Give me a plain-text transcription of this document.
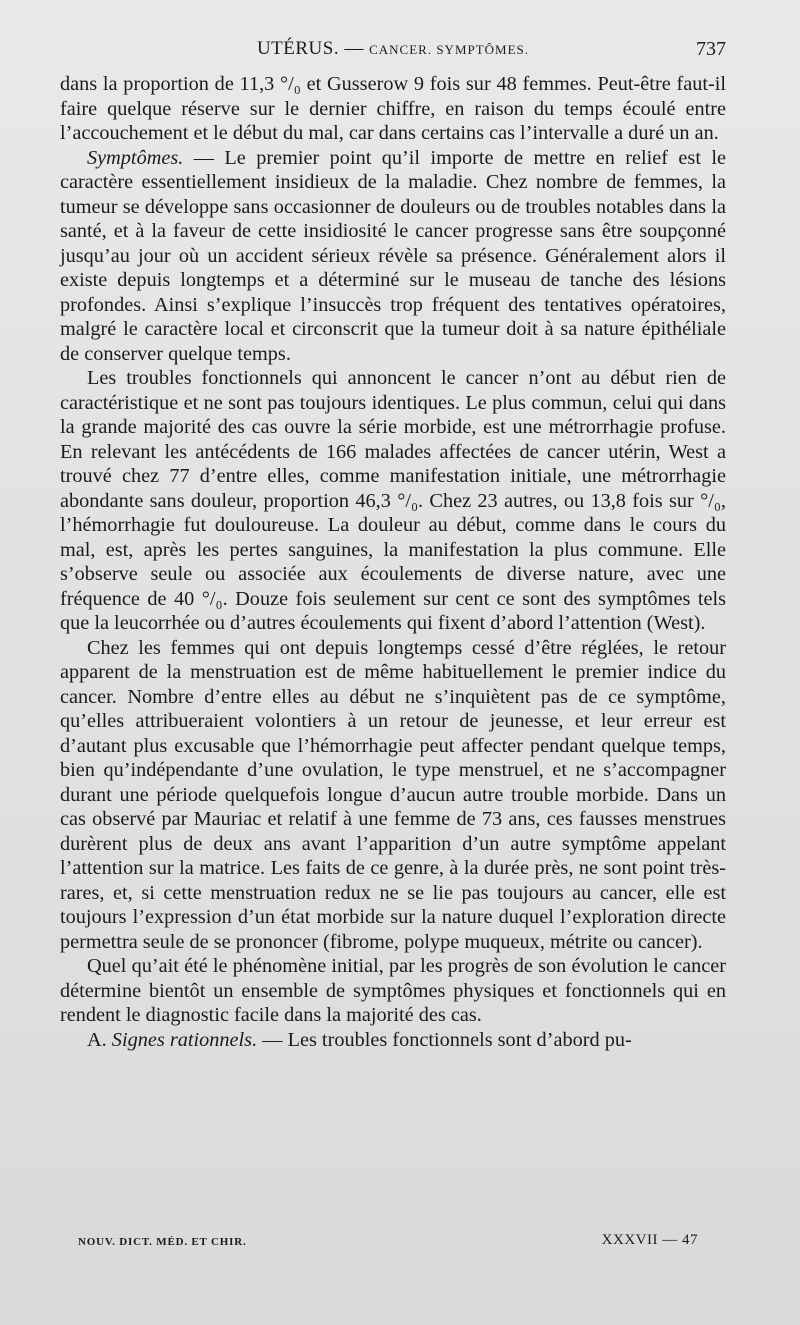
UTÉRUS. — CANCER. SYMPTÔMES.	737

dans la proportion de 11,3 °/₀ et Gusserow 9 fois sur 48 femmes. Peut-être faut-il faire quelque réserve sur le dernier chiffre, en raison du temps écoulé entre l’accouchement et le début du mal, car dans certains cas l’intervalle a duré un an.

Symptômes. — Le premier point qu’il importe de mettre en relief est le caractère essentiellement insidieux de la maladie. Chez nombre de femmes, la tumeur se développe sans occasionner de douleurs ou de troubles notables dans la santé, et à la faveur de cette insidiosité le cancer progresse sans être soupçonné jusqu’au jour où un accident sérieux révèle sa présence. Généralement alors il existe depuis longtemps et a déterminé sur le museau de tanche des lésions profondes. Ainsi s’explique l’insuccès trop fréquent des tentatives opératoires, malgré le caractère local et circonscrit que la tumeur doit à sa nature épithéliale de conserver quelque temps.

Les troubles fonctionnels qui annoncent le cancer n’ont au début rien de caractéristique et ne sont pas toujours identiques. Le plus commun, celui qui dans la grande majorité des cas ouvre la série morbide, est une métrorrhagie profuse. En relevant les antécédents de 166 malades affectées de cancer utérin, West a trouvé chez 77 d’entre elles, comme manifestation initiale, une métrorrhagie abondante sans douleur, proportion 46,3 °/₀. Chez 23 autres, ou 13,8 fois sur °/₀, l’hémorrhagie fut douloureuse. La douleur au début, comme dans le cours du mal, est, après les pertes sanguines, la manifestation la plus commune. Elle s’observe seule ou associée aux écoulements de diverse nature, avec une fréquence de 40 °/₀. Douze fois seulement sur cent ce sont des symptômes tels que la leucorrhée ou d’autres écoulements qui fixent d’abord l’attention (West).

Chez les femmes qui ont depuis longtemps cessé d’être réglées, le retour apparent de la menstruation est de même habituellement le premier indice du cancer. Nombre d’entre elles au début ne s’inquiètent pas de ce symptôme, qu’elles attribueraient volontiers à un retour de jeunesse, et leur erreur est d’autant plus excusable que l’hémorrhagie peut affecter pendant quelque temps, bien qu’indépendante d’une ovulation, le type menstruel, et ne s’accompagner durant une période quelquefois longue d’aucun autre trouble morbide. Dans un cas observé par Mauriac et relatif à une femme de 73 ans, ces fausses menstrues durèrent plus de deux ans avant l’apparition d’un autre symptôme appelant l’attention sur la matrice. Les faits de ce genre, à la durée près, ne sont point très-rares, et, si cette menstruation redux ne se lie pas toujours au cancer, elle est toujours l’expression d’un état morbide sur la nature duquel l’exploration directe permettra seule de se prononcer (fibrome, polype muqueux, métrite ou cancer).

Quel qu’ait été le phénomène initial, par les progrès de son évolution le cancer détermine bientôt un ensemble de symptômes physiques et fonctionnels qui en rendent le diagnostic facile dans la majorité des cas.

A. Signes rationnels. — Les troubles fonctionnels sont d’abord pu-

NOUV. DICT. MÉD. ET CHIR.	XXXVII — 47
